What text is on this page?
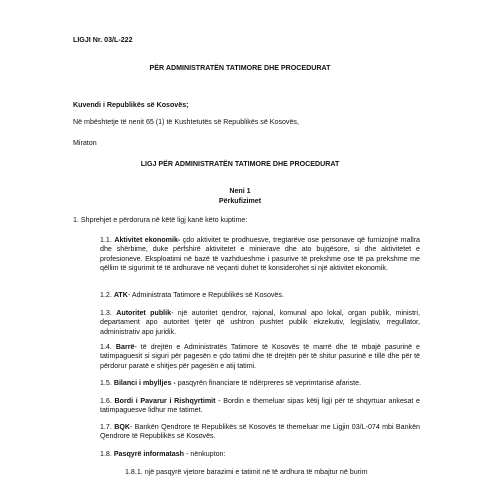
LIGJI Nr. 03/L-222

PËR ADMINISTRATËN TATIMORE DHE PROCEDURAT

Kuvendi i Republikës së Kosovës;

Në mbështetje të nenit 65 (1) të Kushtetutës së Republikës së Kosovës,

Miraton

LIGJ PËR ADMINISTRATËN TATIMORE DHE PROCEDURAT

Neni 1

Përkufizimet

1. Shprehjet e përdorura në këtë ligj kanë këto kuptime:

1.1. Aktivitet ekonomik- çdo aktivitet te prodhuesve, tregtarëve ose personave që furnizojnë mallra dhe shërbime, duke përfshirë aktivitetet e minierave dhe ato bujqësore, si dhe aktivitetet e profesioneve. Eksploatimi në bazë të vazhdueshme i pasurive të prekshme ose të pa prekshme me qëllim të sigurimit të të ardhurave në veçanti duhet të konsiderohet si një aktivitet ekonomik.

1.2. ATK- Administrata Tatimore e Republikës së Kosovës.

1.3. Autoritet publik- një autoritet qendror, rajonal, komunal apo lokal, organ publik, ministri, departament apo autoritet tjetër që ushtron pushtet publik ekzekutiv, legjislativ, rregullator, administrativ apo juridik.

1.4. Barrë- të drejtën e Administratës Tatimore të Kosovës të marrë dhe të mbajë pasurinë e tatimpaguesit si siguri për pagesën e çdo tatimi dhe të drejtën për të shitur pasurinë e tillë dhe për të përdorur paratë e shitjes për pagesën e atij tatimi.

1.5. Bilanci i mbylljes - pasqyrën financiare të ndërpreres së veprimtarisë afariste.

1.6. Bordi i Pavarur i Rishqyrtimit - Bordin e themeluar sipas këtij ligji për të shqyrtuar ankesat e tatimpaguesve lidhur me tatimet.

1.7. BQK- Bankën Qendrore të Republikës së Kosovës të themeluar me Ligjin 03/L-074 mbi Bankën Qendrore të Republikës së Kosovës.

1.8. Pasqyrë informatash - nënkupton:

1.8.1. një pasqyrë vjetore barazimi e tatimit në të ardhura të mbajtur në burim
